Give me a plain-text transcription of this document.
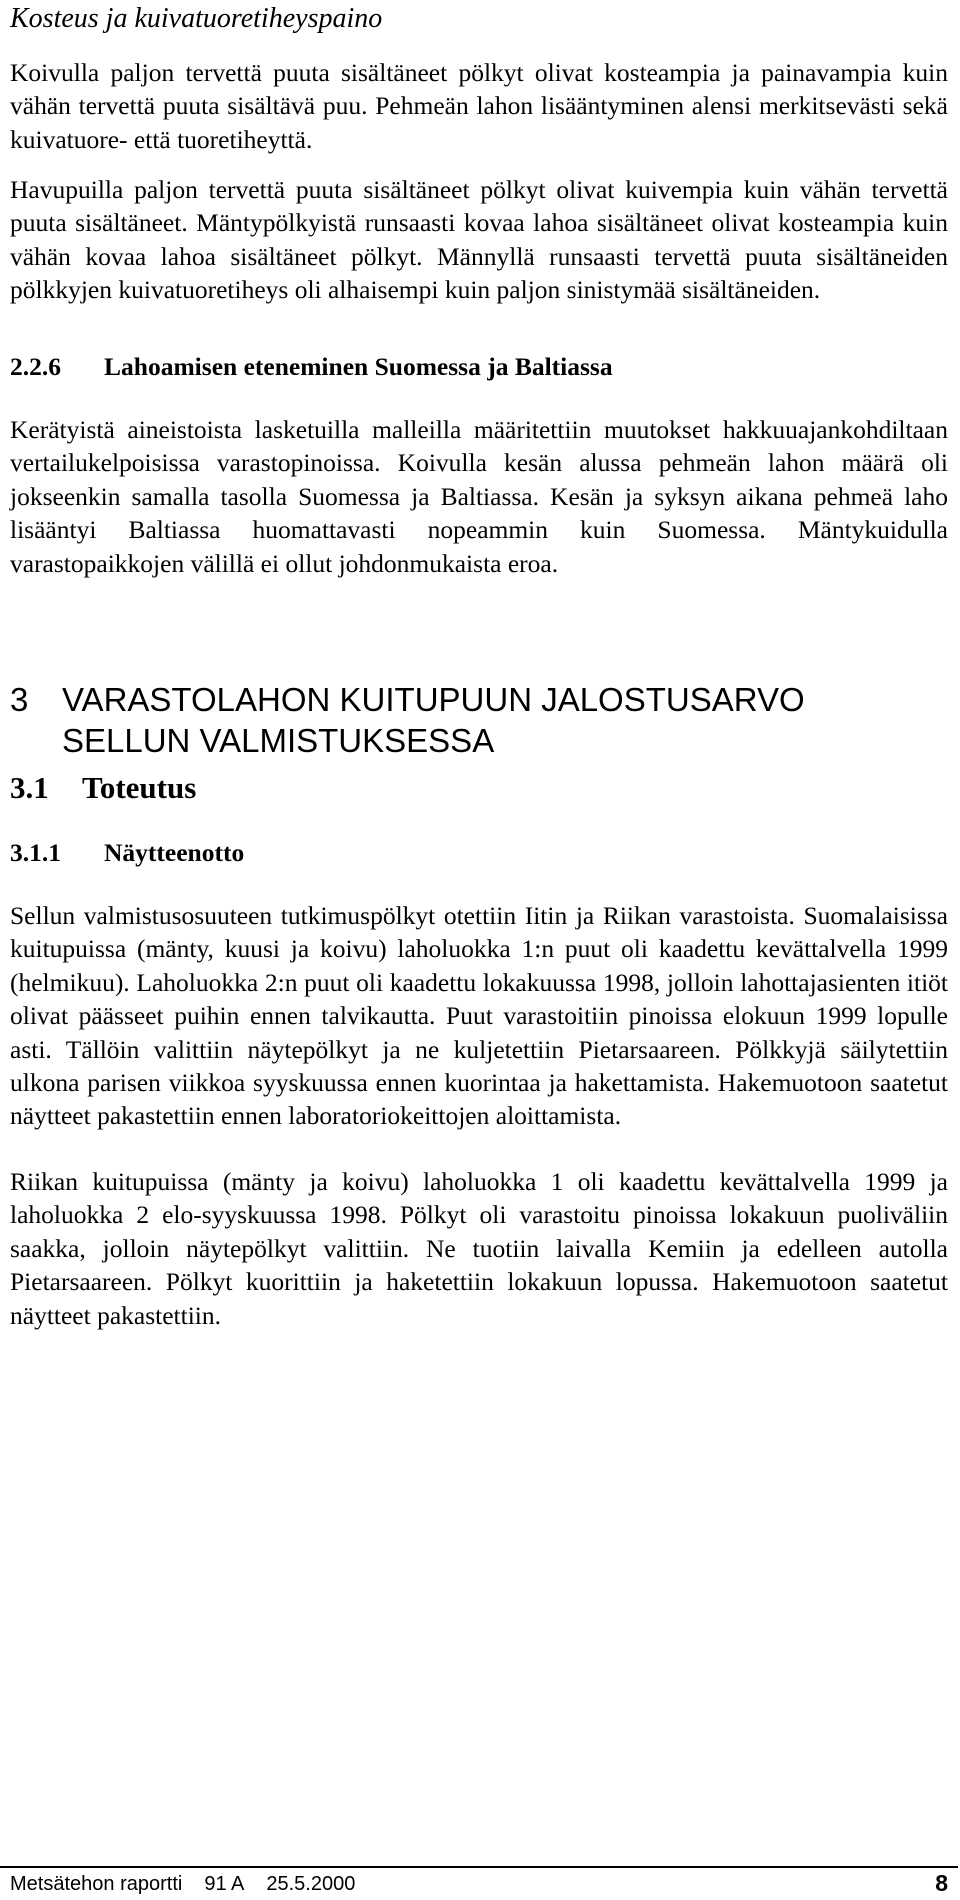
Kosteus ja kuivatuoretiheyspaino

Koivulla paljon tervettä puuta sisältäneet pölkyt olivat kosteampia ja painavampia kuin vähän tervettä puuta sisältävä puu. Pehmeän lahon lisääntyminen alensi merkitsevästi sekä kuivatuore- että tuoretiheyttä.

Havupuilla paljon tervettä puuta sisältäneet pölkyt olivat kuivempia kuin vähän tervettä puuta sisältäneet. Mäntypölkyistä runsaasti kovaa lahoa sisältäneet olivat kosteampia kuin vähän kovaa lahoa sisältäneet pölkyt. Männyllä runsaasti tervettä puuta sisältäneiden pölkkyjen kuivatuoretiheys oli alhaisempi kuin paljon sinistymää sisältäneiden.

2.2.6 Lahoamisen eteneminen Suomessa ja Baltiassa

Kerätyistä aineistoista lasketuilla malleilla määritettiin muutokset hakkuuajankohdiltaan vertailukelpoisissa varastopinoissa. Koivulla kesän alussa pehmeän lahon määrä oli jokseenkin samalla tasolla Suomessa ja Baltiassa. Kesän ja syksyn aikana pehmeä laho lisääntyi Baltiassa huomattavasti nopeammin kuin Suomessa. Mäntykuidulla varastopaikkojen välillä ei ollut johdonmukaista eroa.

3 VARASTOLAHON KUITUPUUN JALOSTUSARVO
SELLUN VALMISTUKSESSA
3.1 Toteutus
3.1.1 Näytteenotto

Sellun valmistusosuuteen tutkimuspölkyt otettiin Iitin ja Riikan varastoista. Suomalaisissa kuitupuissa (mänty, kuusi ja koivu) laholuokka 1:n puut oli kaadettu kevättalvella 1999 (helmikuu). Laholuokka 2:n puut oli kaadettu lokakuussa 1998, jolloin lahottajasienten itiöt olivat päässeet puihin ennen talvikautta. Puut varastoitiin pinoissa elokuun 1999 lopulle asti. Tällöin valittiin näytepölkyt ja ne kuljetettiin Pietarsaareen. Pölkkyjä säilytettiin ulkona parisen viikkoa syyskuussa ennen kuorintaa ja hakettamista. Hakemuotoon saatetut näytteet pakastettiin ennen laboratoriokeittojen aloittamista.

Riikan kuitupuissa (mänty ja koivu) laholuokka 1 oli kaadettu kevättalvella 1999 ja laholuokka 2 elo-syyskuussa 1998. Pölkyt oli varastoitu pinoissa lokakuun puoliväliin saakka, jolloin näytepölkyt valittiin. Ne tuotiin laivalla Kemiin ja edelleen autolla Pietarsaareen. Pölkyt kuorittiin ja haketettiin lokakuun lopussa. Hakemuotoon saatetut näytteet pakastettiin.

Metsätehon raportti 91 A 25.5.2000	8
